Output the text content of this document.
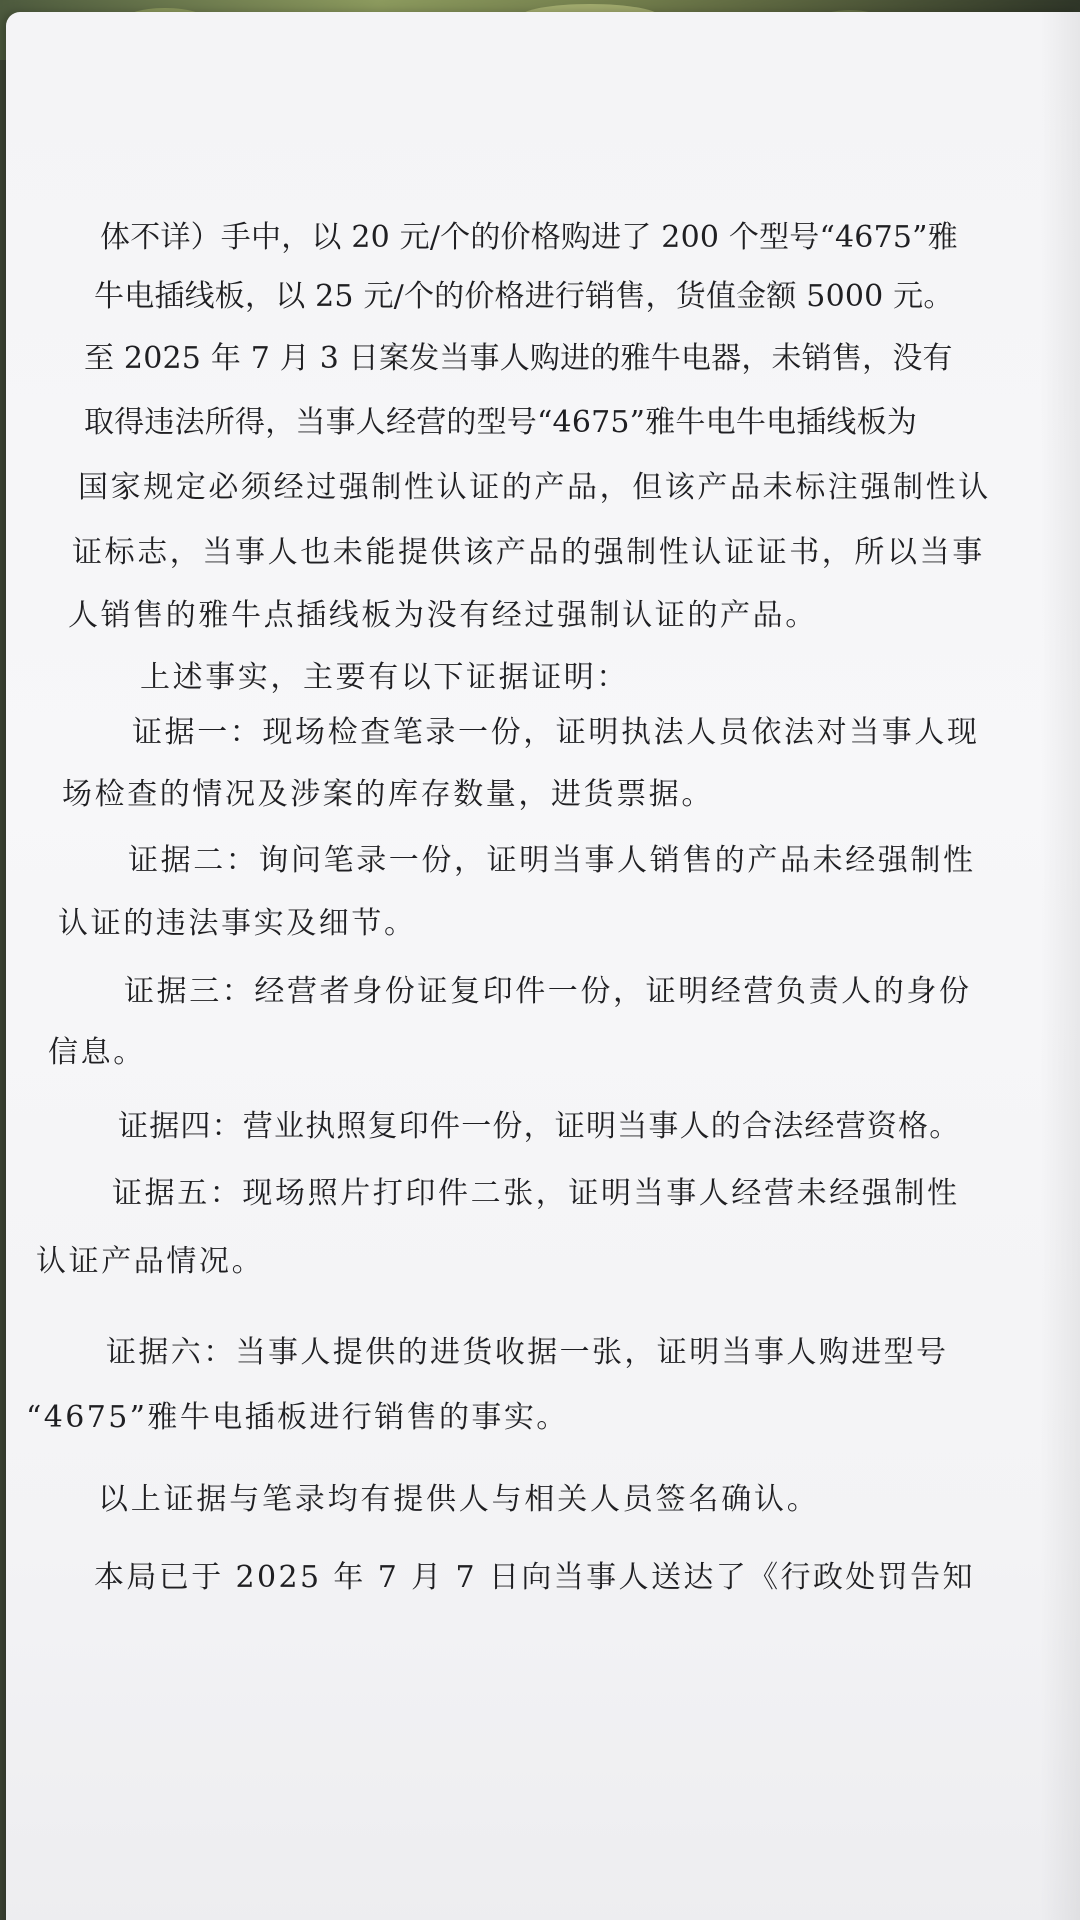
体不详）手中，以 20 元/个的价格购进了 200 个型号“4675”雅

牛电插线板，以 25 元/个的价格进行销售，货值金额 5000 元。

至 2025 年 7 月 3 日案发当事人购进的雅牛电器，未销售，没有

取得违法所得，当事人经营的型号“4675”雅牛电牛电插线板为

国家规定必须经过强制性认证的产品，但该产品未标注强制性认

证标志，当事人也未能提供该产品的强制性认证证书，所以当事

人销售的雅牛点插线板为没有经过强制认证的产品。

上述事实，主要有以下证据证明：

证据一：现场检查笔录一份，证明执法人员依法对当事人现

场检查的情况及涉案的库存数量，进货票据。

证据二：询问笔录一份，证明当事人销售的产品未经强制性

认证的违法事实及细节。

证据三：经营者身份证复印件一份，证明经营负责人的身份

信息。

证据四：营业执照复印件一份，证明当事人的合法经营资格。

证据五：现场照片打印件二张，证明当事人经营未经强制性

认证产品情况。

证据六：当事人提供的进货收据一张，证明当事人购进型号

“4675”雅牛电插板进行销售的事实。

以上证据与笔录均有提供人与相关人员签名确认。

本局已于 2025 年 7 月 7 日向当事人送达了《行政处罚告知
